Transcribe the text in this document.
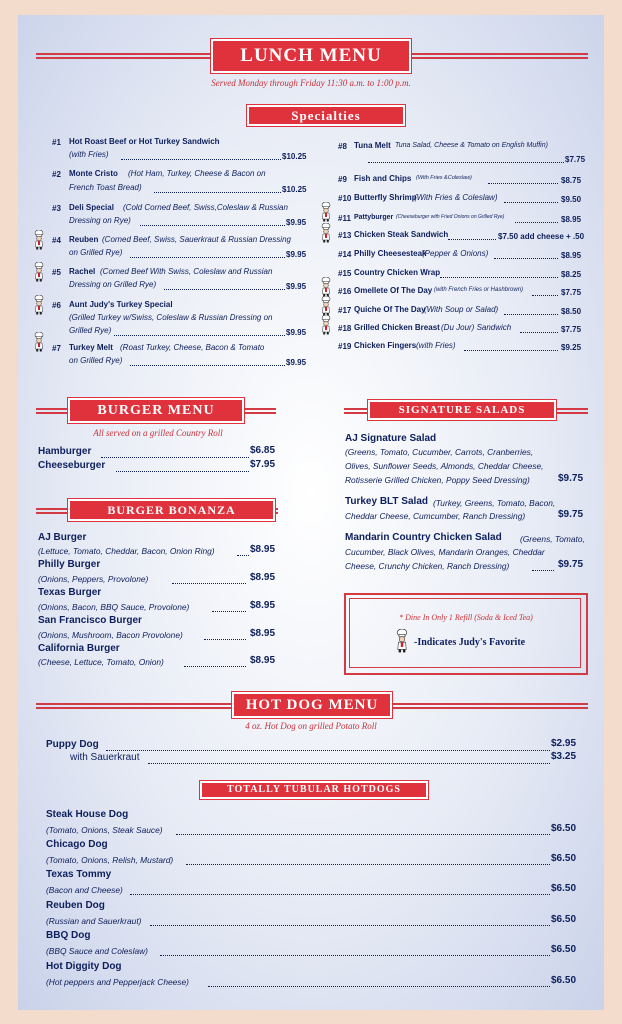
LUNCH MENU
Served Monday through Friday 11:30 a.m. to 1:00 p.m.
Specialties
#1 Hot Roast Beef or Hot Turkey Sandwich
(with Fries)	$10.25
#2 Monte Cristo (Hot Ham, Turkey, Cheese & Bacon on
French Toast Bread)	$10.25
#3 Deli Special (Cold Corned Beef, Swiss,Coleslaw & Russian
Dressing on Rye)	$9.95
#4 Reuben (Corned Beef, Swiss, Sauerkraut & Russian Dressing
on Grilled Rye)	$9.95
#5 Rachel (Corned Beef With Swiss, Coleslaw and Russian
Dressing on Grilled Rye)	$9.95
#6 Aunt Judy's Turkey Special
(Grilled Turkey w/Swiss, Coleslaw & Russian Dressing on
Grilled Rye)	$9.95
#7 Turkey Melt (Roast Turkey, Cheese, Bacon & Tomato
on Grilled Rye)	$9.95
#8 Tuna Melt Tuna Salad, Cheese & Tomato on English Muffin)
$7.75
#9 Fish and Chips (With Fries &Coleslaw)	$8.75
#10 Butterfly Shrimp
(With Fries & Coleslaw)	$9.50
#11 Pattyburger (Cheeseburger with Fried Onions on Grilled Rye)	$8.95
#13 Chicken Steak Sandwich	$7.50 add cheese + .50
#14 Philly Cheesesteak
(Pepper & Onions)	$8.95
#15 Country Chicken Wrap	$8.25
#16 Omellete Of The Day (with French Fries or Hashbrown)	$7.75
#17 Quiche Of The Day
(With Soup or Salad)	$8.50
#18 Grilled Chicken Breast (Du Jour) Sandwich	$7.75
#19 Chicken Fingers (with Fries)	$9.25
BURGER MENU
All served on a grilled Country Roll
Hamburger	$6.85
Cheeseburger	$7.95
BURGER BONANZA
AJ Burger
(Lettuce, Tomato, Cheddar, Bacon, Onion Ring)	$8.95
Philly Burger
(Onions, Peppers, Provolone)	$8.95
Texas Burger
(Onions, Bacon, BBQ Sauce, Provolone)	$8.95
San Francisco Burger
(Onions, Mushroom, Bacon Provolone)	$8.95
California Burger
(Cheese, Lettuce, Tomato, Onion)	$8.95
SIGNATURE SALADS
AJ Signature Salad
(Greens, Tomato, Cucumber, Carrots, Cranberries,
Olives, Sunflower Seeds, Almonds, Cheddar Cheese,
Rotisserie Grilled Chicken, Poppy Seed Dressing)	$9.75
Turkey BLT Salad (Turkey, Greens, Tomato, Bacon,
Cheddar Cheese, Cumcumber, Ranch Dressing)	$9.75
Mandarin Country Chicken Salad (Greens, Tomato,
Cucumber, Black Olives, Mandarin Oranges, Cheddar
Cheese, Crunchy Chicken, Ranch Dressing)	$9.75
* Dine In Only 1 Refill (Soda & Iced Tea)
-Indicates Judy's Favorite
HOT DOG MENU
4 oz. Hot Dog on grilled Potato Roll
Puppy Dog	$2.95
with Sauerkraut	$3.25
TOTALLY TUBULAR HOTDOGS
Steak House Dog
(Tomato, Onions, Steak Sauce)	$6.50
Chicago Dog
(Tomato, Onions, Relish, Mustard)	$6.50
Texas Tommy
(Bacon and Cheese)	$6.50
Reuben Dog
(Russian and Sauerkraut)	$6.50
BBQ Dog
(BBQ Sauce and Coleslaw)	$6.50
Hot Diggity Dog
(Hot peppers and Pepperjack Cheese)	$6.50
